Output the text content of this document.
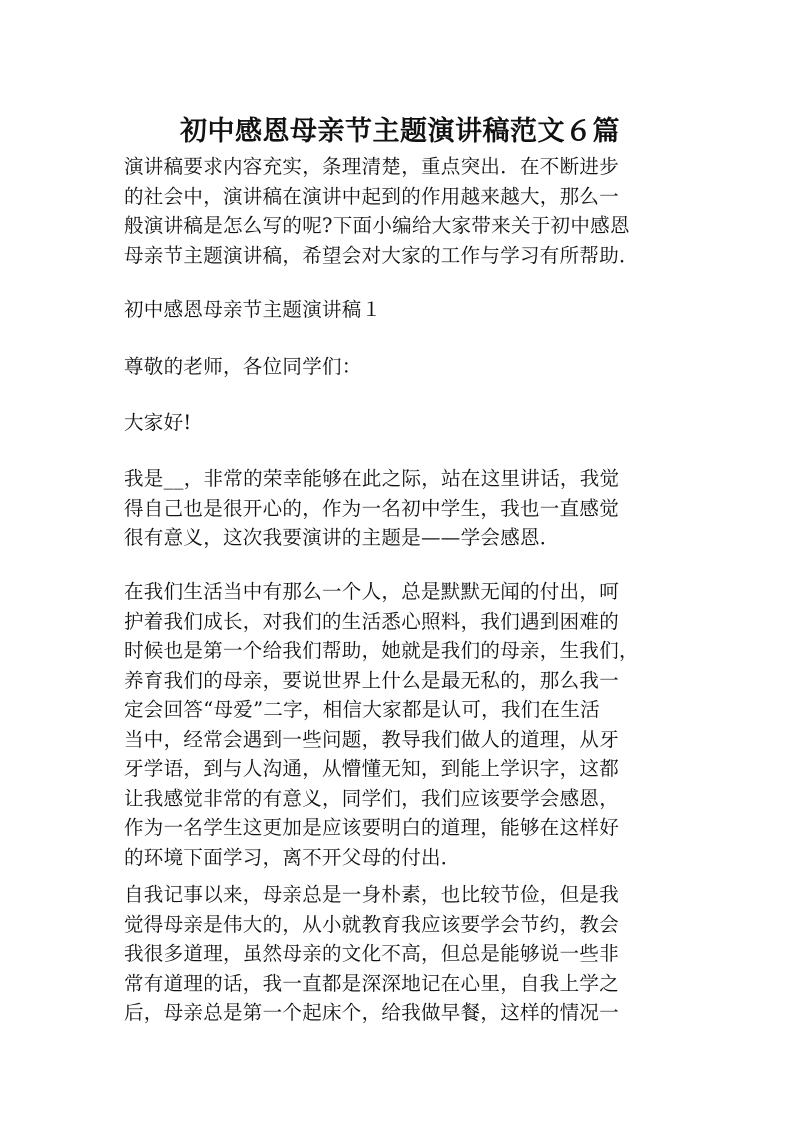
初中感恩母亲节主题演讲稿范文６篇
演讲稿要求内容充实，条理清楚，重点突出．在不断进步
的社会中，演讲稿在演讲中起到的作用越来越大，那么一
般演讲稿是怎么写的呢?下面小编给大家带来关于初中感恩
母亲节主题演讲稿，希望会对大家的工作与学习有所帮助．
初中感恩母亲节主题演讲稿１
尊敬的老师，各位同学们：
大家好!
我是__，非常的荣幸能够在此之际，站在这里讲话，我觉
得自己也是很开心的，作为一名初中学生，我也一直感觉
很有意义，这次我要演讲的主题是——学会感恩．
在我们生活当中有那么一个人，总是默默无闻的付出，呵
护着我们成长，对我们的生活悉心照料，我们遇到困难的
时候也是第一个给我们帮助，她就是我们的母亲，生我们，
养育我们的母亲，要说世界上什么是最无私的，那么我一
定会回答“母爱”二字，相信大家都是认可，我们在生活
当中，经常会遇到一些问题，教导我们做人的道理，从牙
牙学语，到与人沟通，从懵懂无知，到能上学识字，这都
让我感觉非常的有意义，同学们，我们应该要学会感恩，
作为一名学生这更加是应该要明白的道理，能够在这样好
的环境下面学习，离不开父母的付出．
自我记事以来，母亲总是一身朴素，也比较节俭，但是我
觉得母亲是伟大的，从小就教育我应该要学会节约，教会
我很多道理，虽然母亲的文化不高，但总是能够说一些非
常有道理的话，我一直都是深深地记在心里，自我上学之
后，母亲总是第一个起床个，给我做早餐，这样的情况一
